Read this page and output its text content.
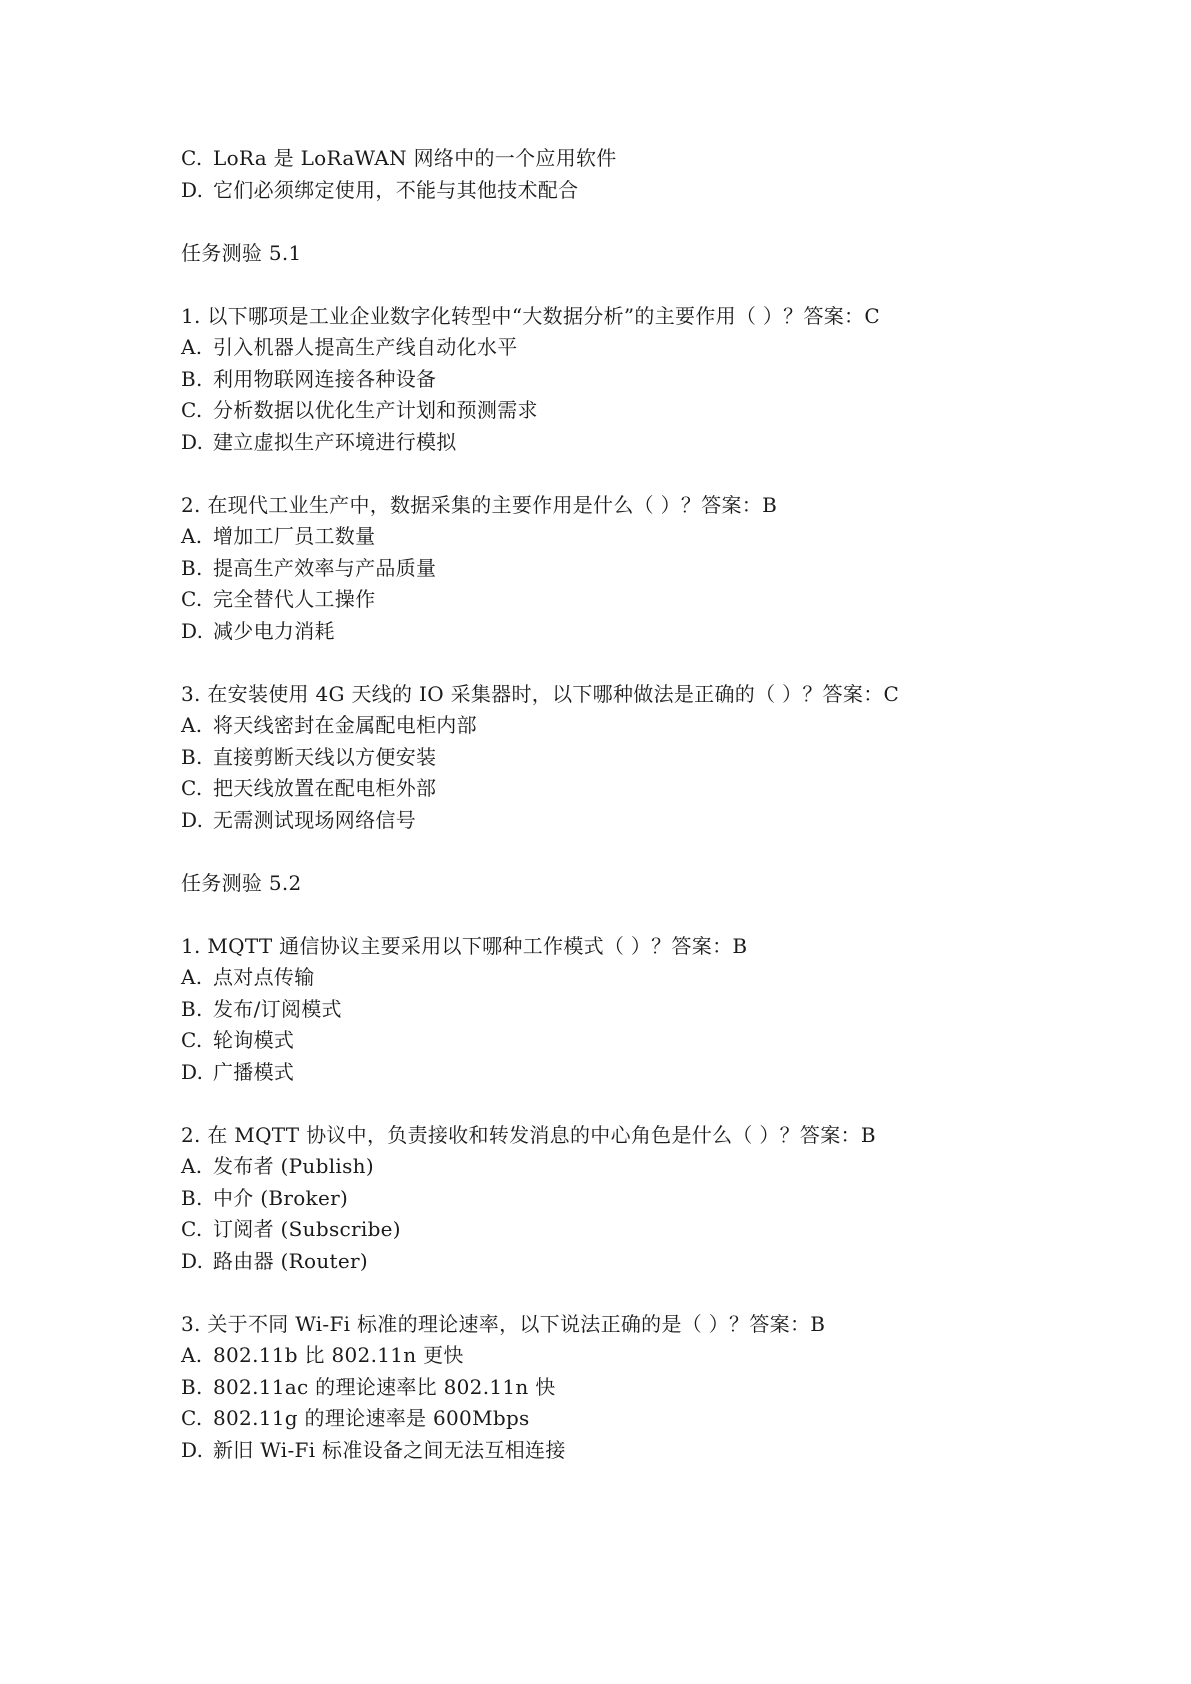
C. LoRa 是 LoRaWAN 网络中的一个应用软件
D. 它们必须绑定使用，不能与其他技术配合
任务测验 5.1
1. 以下哪项是工业企业数字化转型中“大数据分析”的主要作用（ ）？答案：C
A. 引入机器人提高生产线自动化水平
B. 利用物联网连接各种设备
C. 分析数据以优化生产计划和预测需求
D. 建立虚拟生产环境进行模拟
2. 在现代工业生产中，数据采集的主要作用是什么（ ）？答案：B
A. 增加工厂员工数量
B. 提高生产效率与产品质量
C. 完全替代人工操作
D. 减少电力消耗
3. 在安装使用 4G 天线的 IO 采集器时，以下哪种做法是正确的（ ）？答案：C
A. 将天线密封在金属配电柜内部
B. 直接剪断天线以方便安装
C. 把天线放置在配电柜外部
D. 无需测试现场网络信号
任务测验 5.2
1. MQTT 通信协议主要采用以下哪种工作模式（ ）？答案：B
A. 点对点传输
B. 发布/订阅模式
C. 轮询模式
D. 广播模式
2. 在 MQTT 协议中，负责接收和转发消息的中心角色是什么（ ）？答案：B
A. 发布者 (Publish)
B. 中介 (Broker)
C. 订阅者 (Subscribe)
D. 路由器 (Router)
3. 关于不同 Wi-Fi 标准的理论速率，以下说法正确的是（ ）？答案：B
A. 802.11b 比 802.11n 更快
B. 802.11ac 的理论速率比 802.11n 快
C. 802.11g 的理论速率是 600Mbps
D. 新旧 Wi-Fi 标准设备之间无法互相连接
